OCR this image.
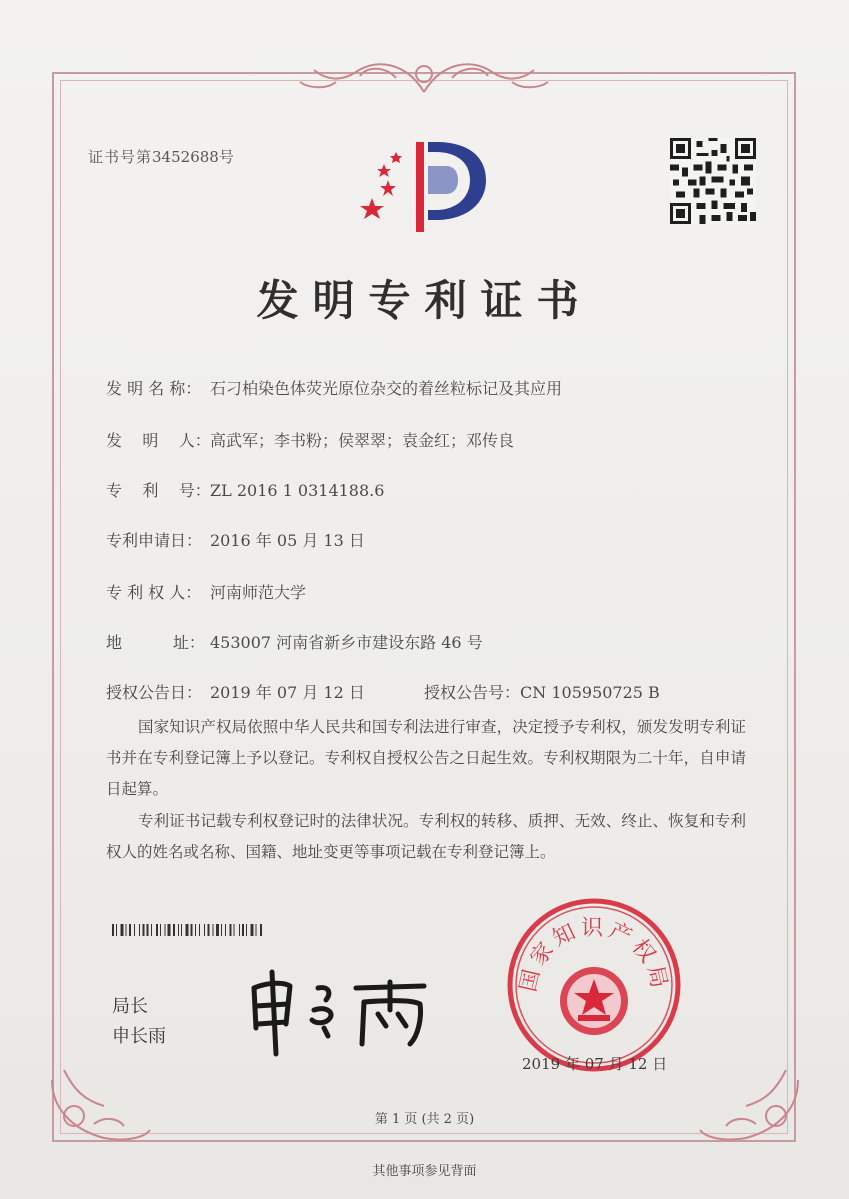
证书号第3452688号
发明专利证书
发 明 名 称： 石刁柏染色体荧光原位杂交的着丝粒标记及其应用
发    明    人：高武军；李书粉；侯翠翠；袁金红；邓传良
专    利    号：ZL 2016 1 0314188.6
专利申请日： 2016 年 05 月 13 日
专 利 权 人： 河南师范大学
地          址： 453007 河南省新乡市建设东路 46 号
授权公告日： 2019 年 07 月 12 日	授权公告号：CN 105950725 B
国家知识产权局依照中华人民共和国专利法进行审查，决定授予专利权，颁发发明专利证书并在专利登记簿上予以登记。专利权自授权公告之日起生效。专利权期限为二十年，自申请日起算。
专利证书记载专利权登记时的法律状况。专利权的转移、质押、无效、终止、恢复和专利权人的姓名或名称、国籍、地址变更等事项记载在专利登记簿上。
局长
申长雨
国家知识产权局
2019 年 07 月 12 日
第 1 页 (共 2 页)
其他事项参见背面
